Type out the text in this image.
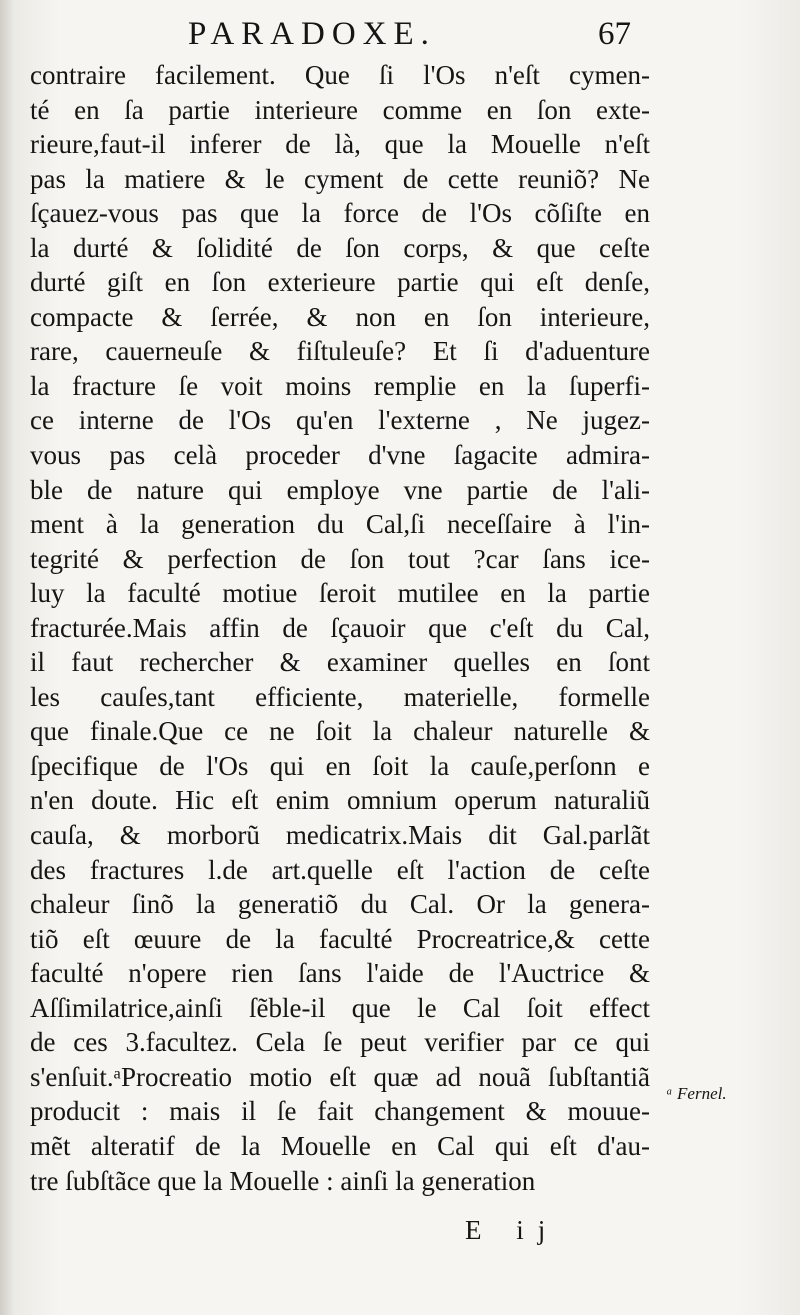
PARADOXE.	67
contraire facilement. Que ſi l'Os n'eſt cymen-
té en ſa partie interieure comme en ſon exte-
rieure,faut-il inferer de là, que la Mouelle n'eſt
pas la matiere & le cyment de cette reuniõ? Ne
ſçauez-vous pas que la force de l'Os cõſiſte en
la durté & ſolidité de ſon corps, & que ceſte
durté giſt en ſon exterieure partie qui eſt denſe,
compacte & ſerrée, & non en ſon interieure,
rare, cauerneuſe & fiſtuleuſe? Et ſi d'aduenture
la fracture ſe voit moins remplie en la ſuperfi-
ce interne de l'Os qu'en l'externe , Ne jugez-
vous pas celà proceder d'vne ſagacite admira-
ble de nature qui employe vne partie de l'ali-
ment à la generation du Cal,ſi neceſſaire à l'in-
tegrité & perfection de ſon tout ?car ſans ice-
luy la faculté motiue ſeroit mutilee en la partie
fracturée.Mais affin de ſçauoir que c'eſt du Cal,
il faut rechercher & examiner quelles en ſont
les cauſes,tant efficiente, materielle, formelle
que finale.Que ce ne ſoit la chaleur naturelle &
ſpecifique de l'Os qui en ſoit la cauſe,perſonn e
n'en doute. Hic eſt enim omnium operum naturaliũ
cauſa, & morborũ medicatrix.Mais dit Gal.parlãt
des fractures l.de art.quelle eſt l'action de ceſte
chaleur ſinõ la generatiõ du Cal. Or la genera-
tiõ eſt œuure de la faculté Procreatrice,& cette
faculté n'opere rien ſans l'aide de l'Auctrice &
Aſſimilatrice,ainſi ſẽble-il que le Cal ſoit effect
de ces 3.facultez. Cela ſe peut verifier par ce qui
s'enſuit.ᵃProcreatio motio eſt quæ ad nouã ſubſtantiã
producit : mais il ſe fait changement & mouue-
mẽt alteratif de la Mouelle en Cal qui eſt d'au-
tre ſubſtãce que la Mouelle : ainſi la generation
ᵃ Fernel.
E ij
